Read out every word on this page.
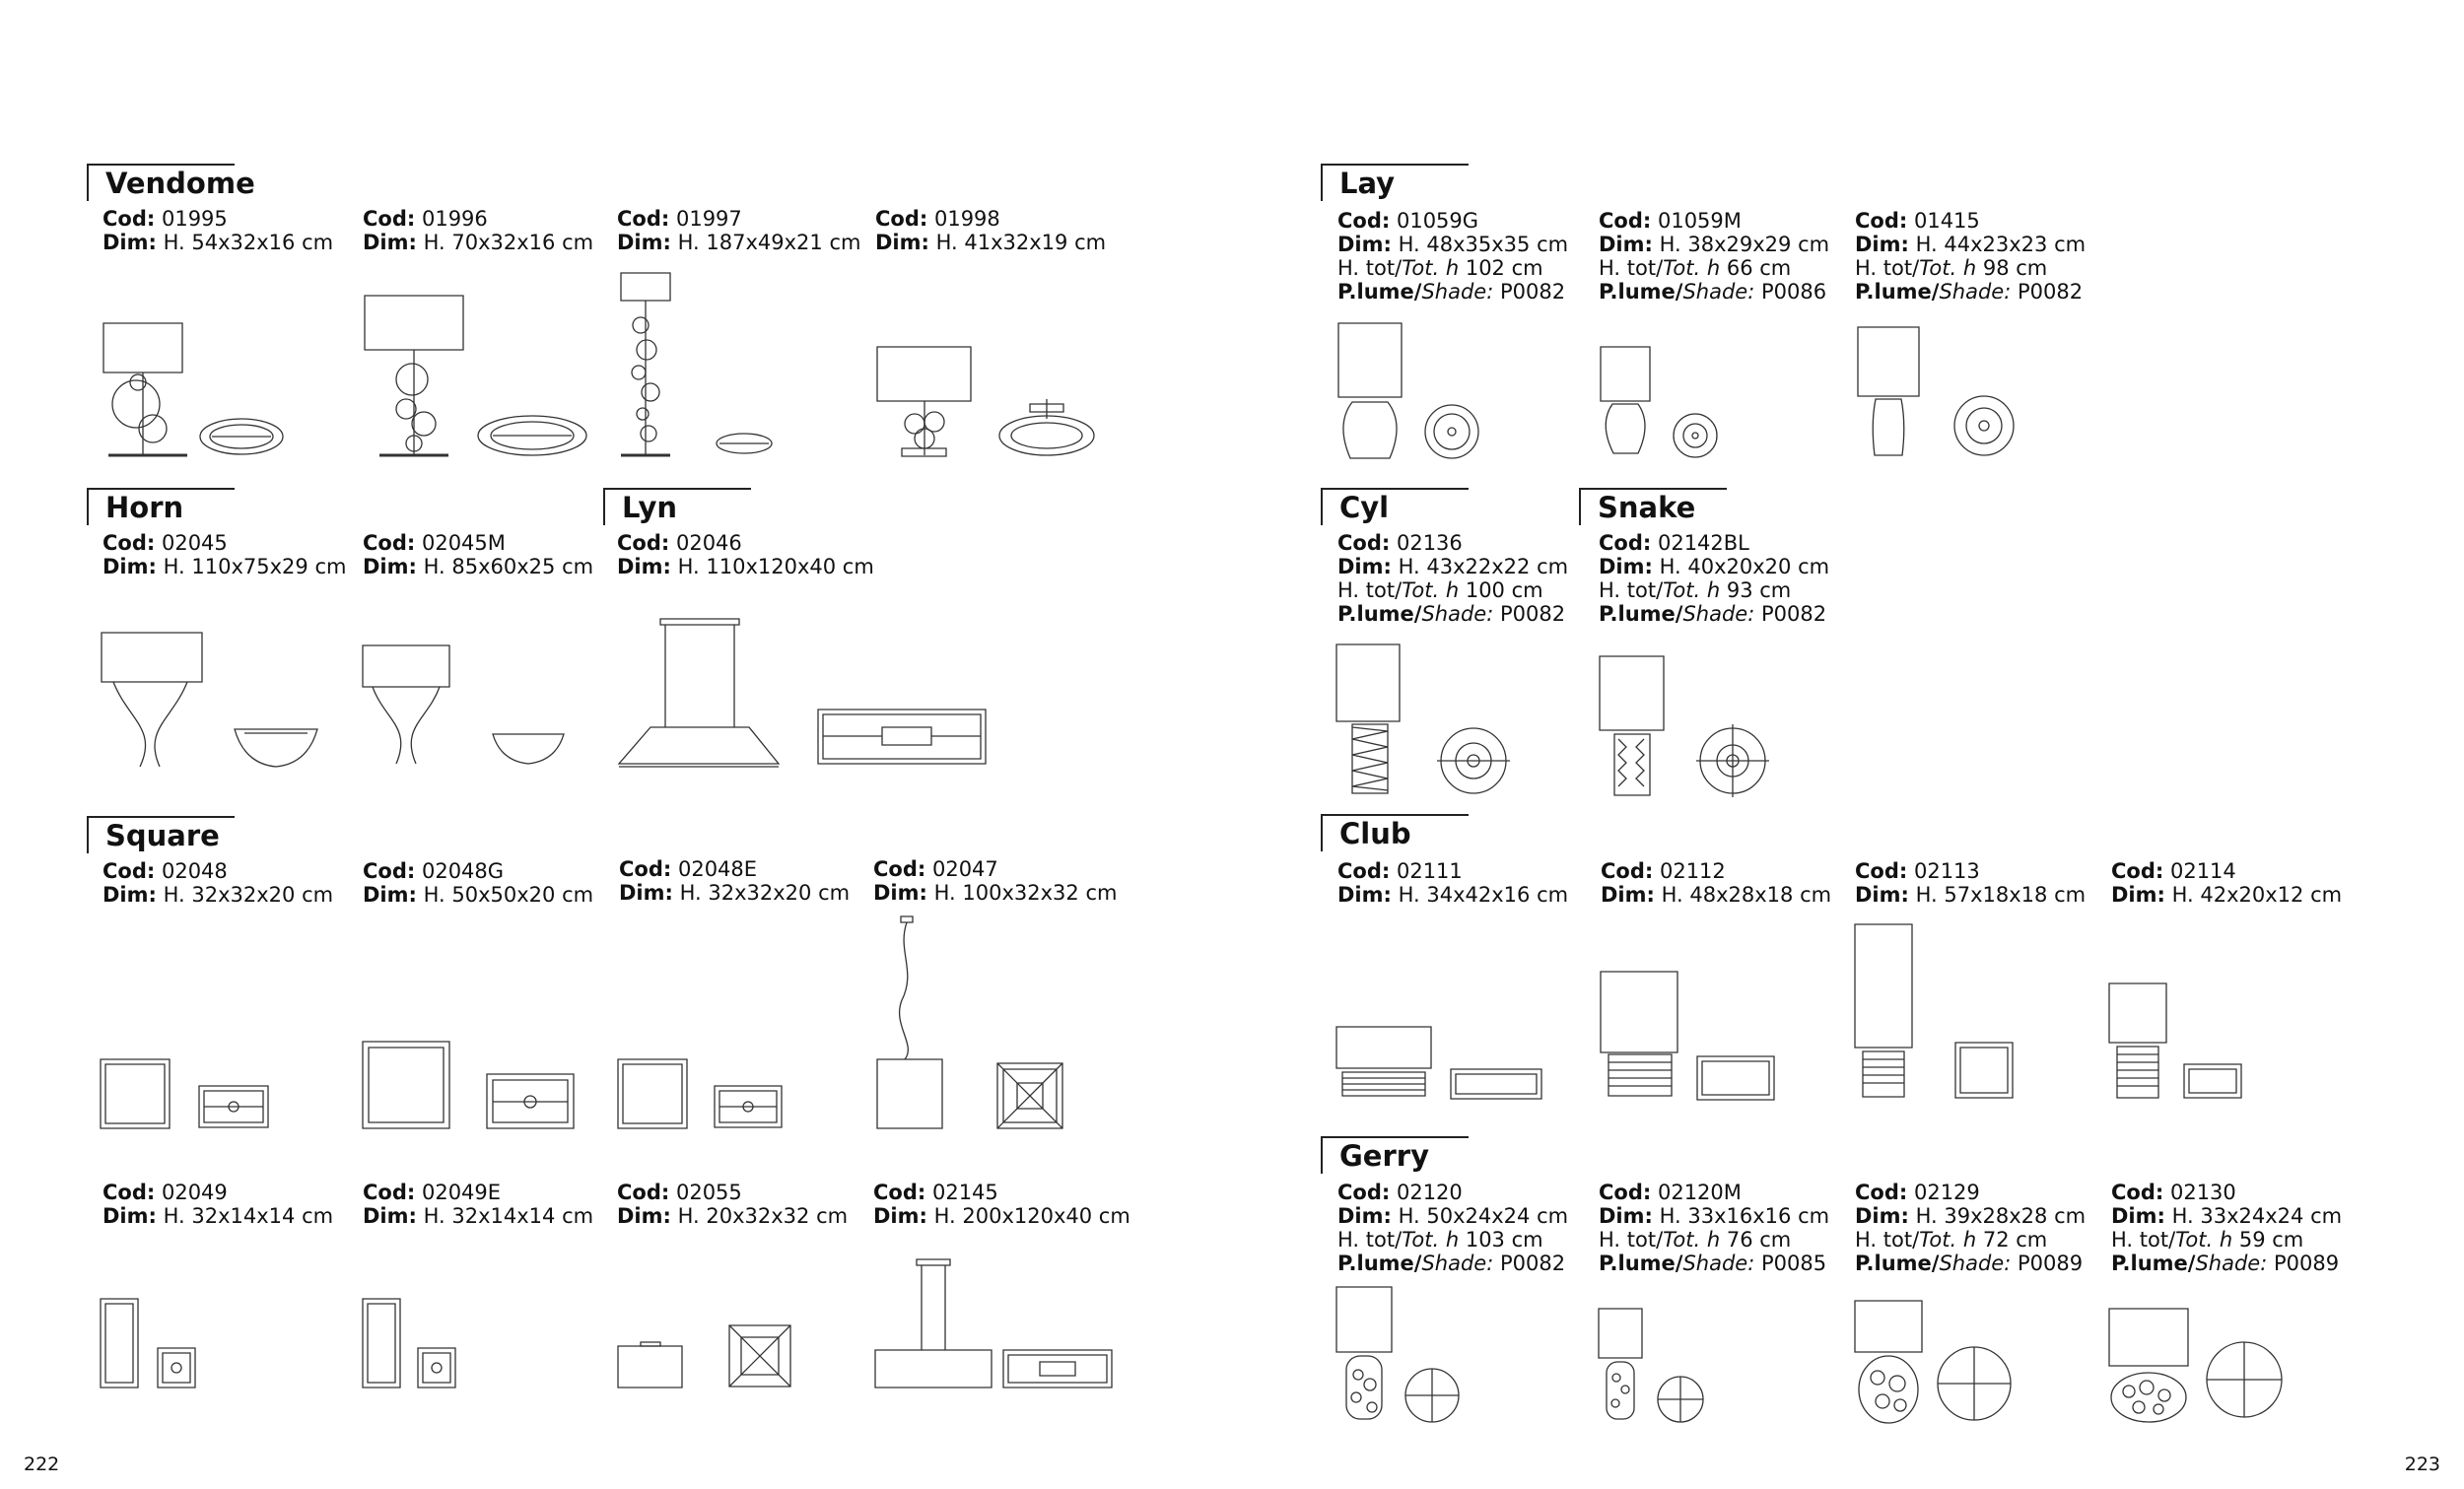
Vendome
Cod: 01995
Dim: H. 54x32x16 cm
Cod: 01996
Dim: H. 70x32x16 cm
Cod: 01997
Dim: H. 187x49x21 cm
Cod: 01998
Dim: H. 41x32x19 cm
Horn
Cod: 02045
Dim: H. 110x75x29 cm
Cod: 02045M
Dim: H. 85x60x25 cm
Lyn
Cod: 02046
Dim: H. 110x120x40 cm
Square
Cod: 02048
Dim: H. 32x32x20 cm
Cod: 02048G
Dim: H. 50x50x20 cm
Cod: 02048E
Dim: H. 32x32x20 cm
Cod: 02047
Dim: H. 100x32x32 cm
Cod: 02049
Dim: H. 32x14x14 cm
Cod: 02049E
Dim: H. 32x14x14 cm
Cod: 02055
Dim: H. 20x32x32 cm
Cod: 02145
Dim: H. 200x120x40 cm
222
Lay
Cod: 01059G
Dim: H. 48x35x35 cm
H. tot/Tot. h 102 cm
P.lume/Shade: P0082
Cod: 01059M
Dim: H. 38x29x29 cm
H. tot/Tot. h 66 cm
P.lume/Shade: P0086
Cod: 01415
Dim: H. 44x23x23 cm
H. tot/Tot. h 98 cm
P.lume/Shade: P0082
Cyl
Cod: 02136
Dim: H. 43x22x22 cm
H. tot/Tot. h 100 cm
P.lume/Shade: P0082
Snake
Cod: 02142BL
Dim: H. 40x20x20 cm
H. tot/Tot. h 93 cm
P.lume/Shade: P0082
Club
Cod: 02111
Dim: H. 34x42x16 cm
Cod: 02112
Dim: H. 48x28x18 cm
Cod: 02113
Dim: H. 57x18x18 cm
Cod: 02114
Dim: H. 42x20x12 cm
Gerry
Cod: 02120
Dim: H. 50x24x24 cm
H. tot/Tot. h 103 cm
P.lume/Shade: P0082
Cod: 02120M
Dim: H. 33x16x16 cm
H. tot/Tot. h 76 cm
P.lume/Shade: P0085
Cod: 02129
Dim: H. 39x28x28 cm
H. tot/Tot. h 72 cm
P.lume/Shade: P0089
Cod: 02130
Dim: H. 33x24x24 cm
H. tot/Tot. h 59 cm
P.lume/Shade: P0089
223
